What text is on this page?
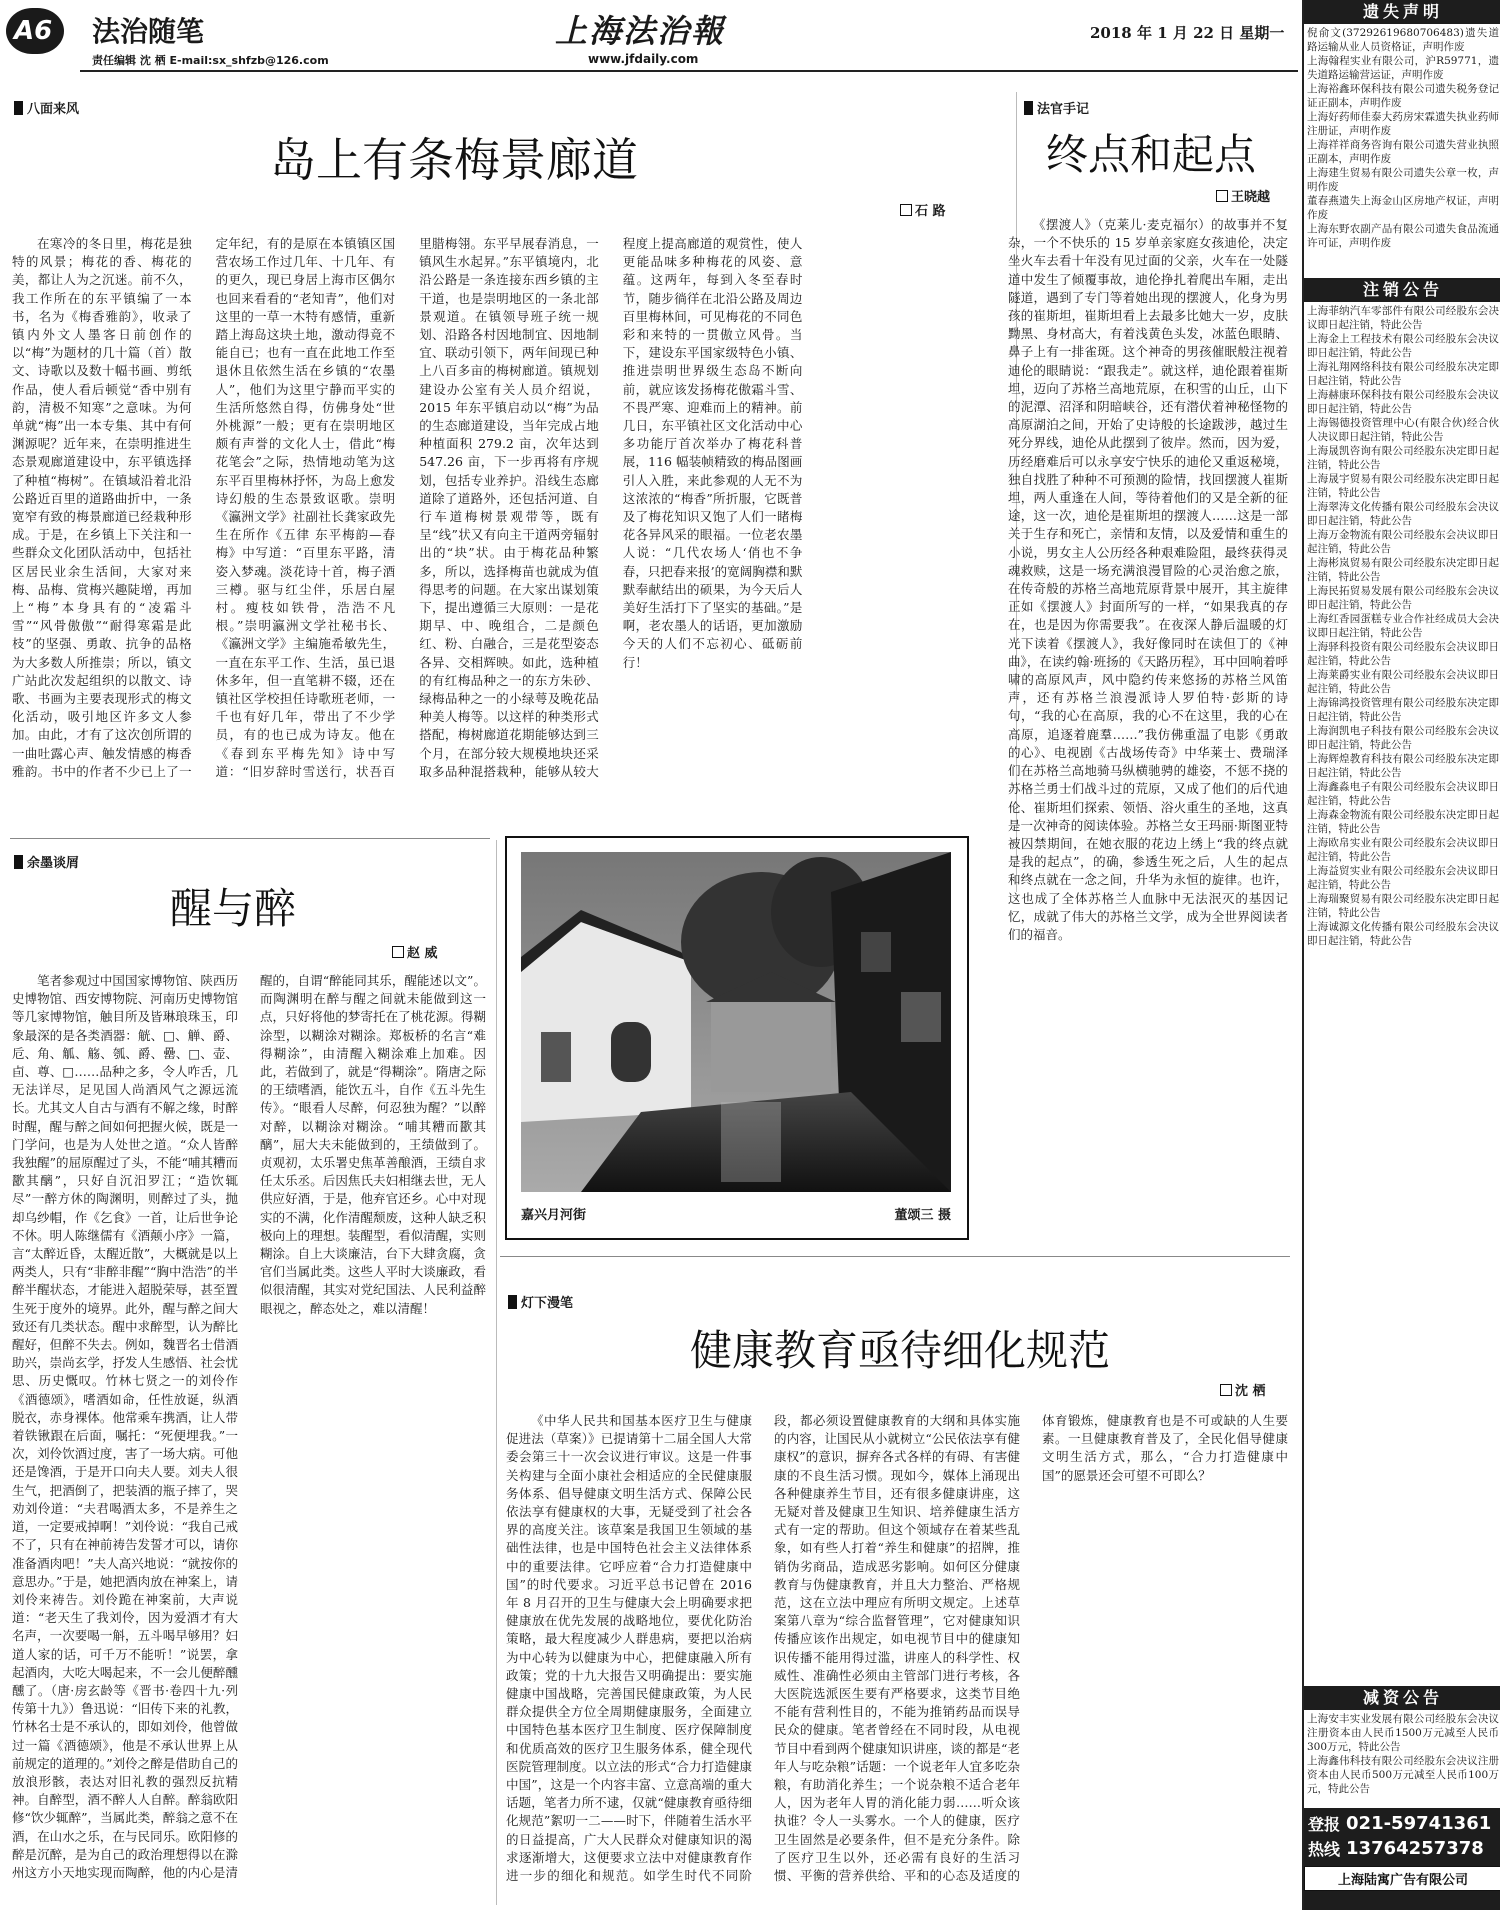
A6 法治随笔
责任编辑 沈 栖 E-mail:sx_shfzb@126.com
上海法治報
www.jfdaily.com
2018 年 1 月 22 日 星期一
八面来风
岛上有条梅景廊道
石 路

在寒冷的冬日里，梅花是独特的风景；梅花的香、梅花的美，都让人为之沉迷。前不久，我工作所在的东平镇编了一本书，名为《梅香雅韵》，收录了镇内外文人墨客日前创作的以“梅”为题材的几十篇（首）散文、诗歌以及数十幅书画、剪纸作品，使人看后顿觉“香中别有韵，清极不知寒”之意味。为何单就“梅”出一本专集、其中有何渊源呢？近年来，在崇明推进生态景观廊道建设中，东平镇选择了种植“梅树”。在镇域沿着北沿公路近百里的道路曲折中，一条宽窄有致的梅景廊道已经栽种形成。于是，在乡镇上下关注和一些群众文化团队活动中，包括社区居民业余生活间，大家对来梅、品梅、赏梅兴趣陡增，再加上“梅”本身具有的“凌霜斗雪”“风骨傲傲”“耐得寒霜是此枝”的坚强、勇敢、抗争的品格为大多数人所推崇；所以，镇文广站此次发起组织的以散文、诗歌、书画为主要表现形式的梅文化活动，吸引地区许多文人参加。由此，才有了这次创所谓的一曲吐露心声、触发情感的梅香雅韵。书中的作者不少已上了一定年纪，有的是原在本镇镇区国营农场工作过几年、十几年、有的更久，现已身居上海市区偶尔也回来看看的“老知青”，他们对这里的一草一木特有感情，重新踏上海岛这块土地，激动得竟不能自已；也有一直在此地工作至退休且依然生活在乡镇的“农墨人”，他们为这里宁静而平实的生活所悠然自得，仿佛身处“世外桃源”一般；更有在崇明地区颇有声誉的文化人士，借此“梅花笔会”之际，热情地动笔为这东平百里梅林抒怀，为岛上愈发诗幻般的生态景致讴歌。崇明《瀛洲文学》社副社长龚家政先生在所作《五律 东平梅韵—春梅》中写道：“百里东平路，清姿入梦魂。淡花诗十首，梅子酒三樽。驱与红尘伴，乐居白屋村。瘦枝如铁骨，浩浩不凡根。”崇明瀛洲文学社秘书长、《瀛洲文学》主编施希敏先生，一直在东平工作、生活，虽已退休多年，但一直笔耕不辍，还在镇社区学校担任诗歌班老师，一千也有好几年，带出了不少学员，有的也已成为诗友。他在《春到东平梅先知》诗中写道：“旧岁辞时雪送行，状吾百里腊梅翎。东平早展春消息，一镇风生水起昇。”东平镇境内，北沿公路是一条连接东西乡镇的主干道，也是崇明地区的一条北部景观道。在镇领导班子统一规划、沿路各村因地制宜、因地制宜、联动引领下，两年间现已种上八百多亩的梅树廊道。镇规划建设办公室有关人员介绍说，2015 年东平镇启动以“梅”为品的生态廊道建设，当年完成占地种植面积 279.2 亩，次年达到 547.26 亩，下一步再将有序规划，包括专业养护。沿线生态廊道除了道路外，还包括河道、自行车道梅树景观带等，既有呈“线”状又有向主干道两旁辐射出的“块”状。由于梅花品种繁多，所以，选择梅苗也就成为值得思考的问题。在大家出谋划策下，提出遵循三大原则：一是花期早、中、晚组合，二是颜色红、粉、白融合，三是花型姿态各异、交相辉映。如此，选种植的有红梅品种之一的东方朱砂、绿梅品种之一的小绿萼及晚花品种美人梅等。以这样的种类形式搭配，梅树廊道花期能够达到三个月，在部分较大规模地块还采取多品种混搭栽种，能够从较大程度上提高廊道的观赏性，使人更能品味多种梅花的风姿、意蕴。这两年，每到入冬至春时节，随步徜徉在北沿公路及周边百里梅林间，可见梅花的不同色彩和来特的一贯傲立风骨。当下，建设东平国家级特色小镇、推进崇明世界级生态岛不断向前，就应该发扬梅花傲霜斗雪、不畏严寒、迎难而上的精神。前几日，东平镇社区文化活动中心多功能厅首次举办了梅花科普展，116 幅装帧精致的梅品图画引人入胜，来此参观的人无不为这浓浓的“梅香”所折服，它既普及了梅花知识又饱了人们一睹梅花各异风采的眼福。一位老农墨人说：“几代农场人‘俏也不争春，只把春来报’的宽阔胸襟和默默奉献结出的硕果，为今天后人美好生活打下了坚实的基础。”是啊，老农墨人的话语，更加激励今天的人们不忘初心、砥砺前行！

法官手记
终点和起点
王晓越

《摆渡人》（克莱儿·麦克福尔）的故事并不复杂，一个不快乐的 15 岁单亲家庭女孩迪伦，决定坐火车去看十年没有见过面的父亲，火车在一处隧道中发生了倾覆事故，迪伦挣扎着爬出车厢，走出隧道，遇到了专门等着她出现的摆渡人，化身为男孩的崔斯坦，崔斯坦看上去最多比她大一岁，皮肤黝黑、身材高大，有着浅黄色头发，冰蓝色眼睛、鼻子上有一排雀斑。这个神奇的男孩催眠般注视着迪伦的眼睛说：“跟我走”。就这样，迪伦跟着崔斯坦，迈向了苏格兰高地荒原，在积雪的山丘，山下的泥潭、沼泽和阴暗峡谷，还有潜伏着神秘怪物的高原湖泊之间，开始了史诗般的长途跋涉，越过生死分界线，迪伦从此摆到了彼岸。然而，因为爱，历经磨难后可以永享安宁快乐的迪伦又重返秘境，独自找胜了种种不可预测的险情，找回摆渡人崔斯坦，两人重逢在人间，等待着他们的又是全新的征途，这一次，迪伦是崔斯坦的摆渡人……这是一部关于生存和死亡，亲情和友情，以及爱情和重生的小说，男女主人公历经各种艰难险阻，最终获得灵魂救赎，这是一场充满浪漫冒险的心灵治愈之旅，在传奇般的苏格兰高地荒原背景中展开，其主旋律正如《摆渡人》封面所写的一样，“如果我真的存在，也是因为你需要我”。在夜深人静后温暖的灯光下读着《摆渡人》，我好像同时在读但丁的《神曲》，在读约翰·班扬的《天路历程》，耳中回响着呼啸的高原风声，风中隐约传来悠扬的苏格兰风笛声，还有苏格兰浪漫派诗人罗伯特·彭斯的诗句，“我的心在高原，我的心不在这里，我的心在高原，追逐着鹿羣……”我仿佛重温了电影《勇敢的心》、电视剧《古战场传奇》中华莱士、费瑞泽们在苏格兰高地骑马纵横驰骋的雄姿，不惩不挠的苏格兰勇士们战斗过的荒原，又成了他们的后代迪伦、崔斯坦们探索、领悟、浴火重生的圣地，这真是一次神奇的阅读体验。苏格兰女王玛丽·斯图亚特被囚禁期间，在她衣服的花边上绣上“我的终点就是我的起点”，的确，参透生死之后，人生的起点和终点就在一念之间，升华为永恒的旋律。也许，这也成了全体苏格兰人血脉中无法泯灭的基因记忆，成就了伟大的苏格兰文学，成为全世界阅读者们的福音。

余墨谈屑
醒与醉
赵 威

笔者参观过中国国家博物馆、陕西历史博物馆、西安博物院、河南历史博物馆等几家博物馆，触目所及皆琳琅珠玉，印象最深的是各类酒器：觥、□、觯、爵、卮、角、觚、觞、瓠、爵、罍、□、壶、卣、尊、□……品种之多，令人咋舌，几无法详尽，足见国人尚酒风气之源远流长。尤其文人自古与酒有不解之缘，时醉时醒，醒与醉之间如何把握火候，既是一门学问，也是为人处世之道。“众人皆醉我独醒”的屈原醒过了头，不能“哺其糟而歠其醨”，只好自沉汨罗江；“造饮辄尽”一醉方休的陶渊明，则醉过了头，抛却乌纱帽，作《乞食》一首，让后世争论不休。明人陈继儒有《酒颠小序》一篇，言“太醉近昏，太醒近散”，大概就是以上两类人，只有“非醉非醒”“胸中浩浩”的半醉半醒状态，才能进入超脱荣辱，甚至置生死于度外的境界。此外，醒与醉之间大致还有几类状态。醒中求醉型，认为醉比醒好，但醉不失去。例如，魏晋名士借酒助兴，崇尚玄学，抒发人生感悟、社会忧思、历史慨叹。竹林七贤之一的刘伶作《酒德颂》，嗜酒如命，任性放诞，纵酒脱衣，赤身裸体。他常乘车携酒，让人带着铁锹跟在后面，嘱托：“死便埋我。”一次，刘伶饮酒过度，害了一场大病。可他还是馋酒，于是开口向夫人要。刘夫人很生气，把酒倒了，把装酒的瓶子摔了，哭劝刘伶道：“夫君喝酒太多，不是养生之道，一定要戒掉啊！”刘伶说：“我自己戒不了，只有在神前祷告发誓才可以，请你准备酒肉吧！”夫人高兴地说：“就按你的意思办。”于是，她把酒肉放在神案上，请刘伶来祷告。刘伶跪在神案前，大声说道：“老天生了我刘伶，因为爱酒才有大名声，一次要喝一斛，五斗喝早够用？妇道人家的话，可千万不能听！”说罢，拿起酒肉，大吃大喝起来，不一会儿便醉醺醺了。（唐·房玄龄等《晋书·卷四十九·列传第十九》）鲁迅说：“旧传下来的礼教，竹林名士是不承认的，即如刘伶，他曾做过一篇《酒德颂》，他是不承认世界上从前规定的道理的。”刘伶之醉是借助自己的放浪形骸，表达对旧礼教的强烈反抗精神。自醉型，酒不醉人人自醉。醉翁欧阳修“饮少辄醉”，当属此类，醉翁之意不在酒，在山水之乐，在与民同乐。欧阳修的醉是沉醉，是为自己的政治理想得以在滁州这方小天地实现而陶醉，他的内心是清醒的，自谓“醉能同其乐，醒能述以文”。而陶渊明在醉与醒之间就未能做到这一点，只好将他的梦寄托在了桃花源。得糊涂型，以糊涂对糊涂。郑板桥的名言“难得糊涂”，由清醒入糊涂难上加难。因此，若做到了，就是“得糊涂”。隋唐之际的王绩嗜酒，能饮五斗，自作《五斗先生传》。“眼看人尽醉，何忍独为醒？”以醉对醉，以糊涂对糊涂。“哺其糟而歠其醨”，屈大夫未能做到的，王绩做到了。贞观初，太乐署史焦革善酿酒，王绩自求任太乐丞。后因焦氏夫妇相继去世，无人供应好酒，于是，他弃官还乡。心中对现实的不满，化作清醒颓废，这种人缺乏积极向上的理想。装醒型，看似清醒，实则糊涂。自上大谈廉洁，台下大肆贪腐，贪官们当属此类。这些人平时大谈廉政，看似很清醒，其实对党纪国法、人民利益醉眼视之，醉态处之，难以清醒！

嘉兴月河街	董颂三 摄
灯下漫笔
健康教育亟待细化规范
沈 栖

《中华人民共和国基本医疗卫生与健康促进法（草案）》已提请第十二届全国人大常委会第三十一次会议进行审议。这是一件事关构建与全面小康社会相适应的全民健康服务体系、倡导健康文明生活方式、保障公民依法享有健康权的大事，无疑受到了社会各界的高度关注。该草案是我国卫生领域的基础性法律，也是中国特色社会主义法律体系中的重要法律。它呼应着“合力打造健康中国”的时代要求。习近平总书记曾在 2016 年 8 月召开的卫生与健康大会上明确要求把健康放在优先发展的战略地位，要优化防治策略，最大程度减少人群患病，要把以治病为中心转为以健康为中心，把健康融入所有政策；党的十九大报告又明确提出：要实施健康中国战略，完善国民健康政策，为人民群众提供全方位全周期健康服务，全面建立中国特色基本医疗卫生制度、医疗保障制度和优质高效的医疗卫生服务体系，健全现代医院管理制度。以立法的形式“合力打造健康中国”，这是一个内容丰富、立意高端的重大话题，笔者力所不逮，仅就“健康教育亟待细化规范”絮叨一二——时下，伴随着生活水平的日益提高，广大人民群众对健康知识的渴求逐渐增大，这便要求立法中对健康教育作进一步的细化和规范。如学生时代不同阶段，都必须设置健康教育的大纲和具体实施的内容，让国民从小就树立“公民依法享有健康权”的意识，摒弃各式各样的有碍、有害健康的不良生活习惯。现如今，媒体上涌现出各种健康养生节目，还有很多健康讲座，这无疑对普及健康卫生知识、培养健康生活方式有一定的帮助。但这个领域存在着某些乱象，如有些人打着“养生和健康”的招牌，推销伪劣商品，造成恶劣影响。如何区分健康教育与伪健康教育，并且大力整治、严格规范，这在立法中理应有所明文规定。上述草案第八章为“综合监督管理”，它对健康知识传播应该作出规定，如电视节目中的健康知识传播不能用得过滥，讲座人的科学性、权威性、准确性必须由主管部门进行考核，各大医院选派医生要有严格要求，这类节目绝不能有营利性目的，不能为推销药品而误导民众的健康。笔者曾经在不同时段，从电视节目中看到两个健康知识讲座，谈的都是“老年人与吃杂粮”话题：一个说老年人宜多吃杂粮，有助消化养生；一个说杂粮不适合老年人，因为老年人胃的消化能力弱……听众该执谁？令人一头雾水。一个人的健康，医疗卫生固然是必要条件，但不是充分条件。除了医疗卫生以外，还必需有良好的生活习惯、平衡的营养供给、平和的心态及适度的体育锻炼，健康教育也是不可或缺的人生要素。一旦健康教育普及了，全民化倡导健康文明生活方式，那么，“合力打造健康中国”的愿景还会可望不可即么？

遗失声明
倪俞文(37292619680706483)遗失道路运输从业人员资格证，声明作废
上海翰程实业有限公司，沪R59771，遗失道路运输营运证，声明作废
上海裕鑫环保科技有限公司遗失税务登记证正副本，声明作废
上海好药师佳泰大药房宋霖遗失执业药师注册证，声明作废
上海祥祥商务咨询有限公司遗失营业执照正副本，声明作废
上海建生贸易有限公司遗失公章一枚，声明作废
董春燕遗失上海金山区房地产权证，声明作废
上海东野农副产品有限公司遗失食品流通许可证，声明作废
注销公告
上海菲纳汽车零部件有限公司经股东会决议即日起注销，特此公告
上海金上工程技术有限公司经股东会决议即日起注销，特此公告
上海礼翔网络科技有限公司经股东决定即日起注销，特此公告
上海赫康环保科技有限公司经股东会决议即日起注销，特此公告
上海锡德投资管理中心(有限合伙)经合伙人决议即日起注销，特此公告
上海晟凯咨询有限公司经股东决定即日起注销，特此公告
上海晟宇贸易有限公司经股东决定即日起注销，特此公告
上海翠涛文化传播有限公司经股东会决议即日起注销，特此公告
上海万金物流有限公司经股东会决议即日起注销，特此公告
上海彬岚贸易有限公司经股东决定即日起注销，特此公告
上海民拓贸易发展有限公司经股东会决议即日起注销，特此公告
上海红香园蛋糕专业合作社经成员大会决议即日起注销，特此公告
上海驿科投资有限公司经股东会决议即日起注销，特此公告
上海莱爵实业有限公司经股东会决议即日起注销，特此公告
上海锦鸿投资管理有限公司经股东决定即日起注销，特此公告
上海润凯电子科技有限公司经股东会决议即日起注销，特此公告
上海辉煌教育科技有限公司经股东决定即日起注销，特此公告
上海鑫淼电子有限公司经股东会决议即日起注销，特此公告
上海森金物流有限公司经股东决定即日起注销，特此公告
上海欧帛实业有限公司经股东会决议即日起注销，特此公告
上海益贸实业有限公司经股东会决议即日起注销，特此公告
上海瑞聚贸易有限公司经股东决定即日起注销，特此公告
上海诚源文化传播有限公司经股东会决议即日起注销，特此公告
减资公告
上海安丰实业发展有限公司经股东会决议注册资本由人民币1500万元减至人民币300万元，特此公告
上海鑫伟科技有限公司经股东会决议注册资本由人民币500万元减至人民币100万元，特此公告
登报 021-59741361
热线 13764257378
上海陆寓广告有限公司
